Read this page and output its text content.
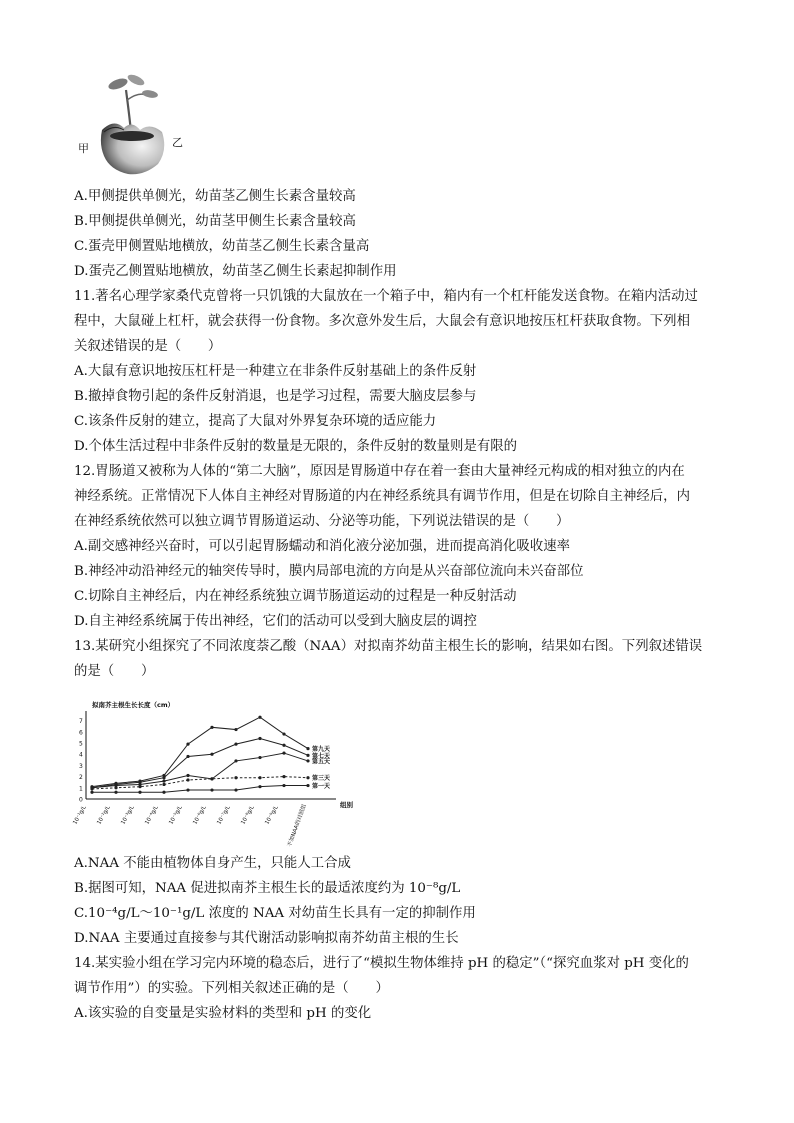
甲	乙
A.甲侧提供单侧光，幼苗茎乙侧生长素含量较高
B.甲侧提供单侧光，幼苗茎甲侧生长素含量较高
C.蛋壳甲侧置贴地横放，幼苗茎乙侧生长素含量高
D.蛋壳乙侧置贴地横放，幼苗茎乙侧生长素起抑制作用
11.著名心理学家桑代克曾将一只饥饿的大鼠放在一个箱子中，箱内有一个杠杆能发送食物。在箱内活动过
程中，大鼠碰上杠杆，就会获得一份食物。多次意外发生后，大鼠会有意识地按压杠杆获取食物。下列相
关叙述错误的是（　　）
A.大鼠有意识地按压杠杆是一种建立在非条件反射基础上的条件反射
B.撤掉食物引起的条件反射消退，也是学习过程，需要大脑皮层参与
C.该条件反射的建立，提高了大鼠对外界复杂环境的适应能力
D.个体生活过程中非条件反射的数量是无限的，条件反射的数量则是有限的
12.胃肠道又被称为人体的“第二大脑”，原因是胃肠道中存在着一套由大量神经元构成的相对独立的内在
神经系统。正常情况下人体自主神经对胃肠道的内在神经系统具有调节作用，但是在切除自主神经后，内
在神经系统依然可以独立调节胃肠道运动、分泌等功能，下列说法错误的是（　　）
A.副交感神经兴奋时，可以引起胃肠蠕动和消化液分泌加强，进而提高消化吸收速率
B.神经冲动沿神经元的轴突传导时，膜内局部电流的方向是从兴奋部位流向未兴奋部位
C.切除自主神经后，内在神经系统独立调节肠道运动的过程是一种反射活动
D.自主神经系统属于传出神经，它们的活动可以受到大脑皮层的调控
13.某研究小组探究了不同浓度萘乙酸（NAA）对拟南芥幼苗主根生长的影响，结果如右图。下列叙述错误
的是（　　）
拟南芥主根生长长度（cm）
组别
0
1
2
3
4
5
6
7
10⁻¹g/L 10⁻²g/L 10⁻³g/L 10⁻⁴g/L 10⁻⁵g/L 10⁻⁶g/L 10⁻⁷g/L 10⁻⁸g/L 10⁻⁹g/L	不加NAA的对照组
第九天
第七天
第五天
第三天
第一天
A.NAA 不能由植物体自身产生，只能人工合成
B.据图可知，NAA 促进拟南芥主根生长的最适浓度约为 10⁻⁸g/L
C.10⁻⁴g/L～10⁻¹g/L 浓度的 NAA 对幼苗生长具有一定的抑制作用
D.NAA 主要通过直接参与其代谢活动影响拟南芥幼苗主根的生长
14.某实验小组在学习完内环境的稳态后，进行了“模拟生物体维持 pH 的稳定”（“探究血浆对 pH 变化的
调节作用”）的实验。下列相关叙述正确的是（　　）
A.该实验的自变量是实验材料的类型和 pH 的变化
